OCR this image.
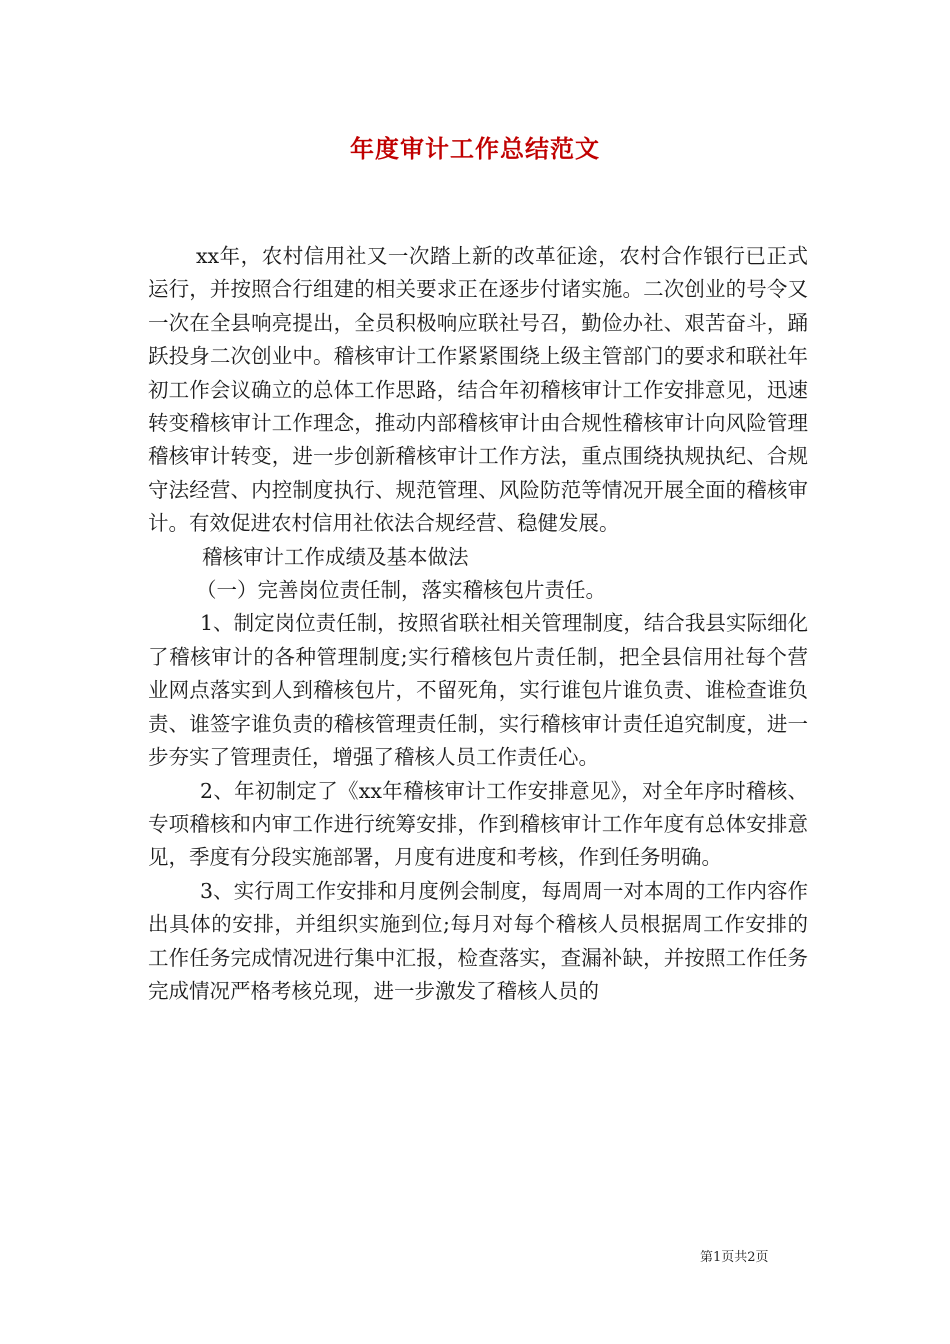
年度审计工作总结范文

xx年，农村信用社又一次踏上新的改革征途，农村合作银行已正式运行，并按照合行组建的相关要求正在逐步付诸实施。二次创业的号令又一次在全县响亮提出，全员积极响应联社号召，勤俭办社、艰苦奋斗，踊跃投身二次创业中。稽核审计工作紧紧围绕上级主管部门的要求和联社年初工作会议确立的总体工作思路，结合年初稽核审计工作安排意见，迅速转变稽核审计工作理念，推动内部稽核审计由合规性稽核审计向风险管理稽核审计转变，进一步创新稽核审计工作方法，重点围绕执规执纪、合规守法经营、内控制度执行、规范管理、风险防范等情况开展全面的稽核审计。有效促进农村信用社依法合规经营、稳健发展。

稽核审计工作成绩及基本做法

（一）完善岗位责任制，落实稽核包片责任。

1、制定岗位责任制，按照省联社相关管理制度，结合我县实际细化了稽核审计的各种管理制度;实行稽核包片责任制，把全县信用社每个营业网点落实到人到稽核包片，不留死角，实行谁包片谁负责、谁检查谁负责、谁签字谁负责的稽核管理责任制，实行稽核审计责任追究制度，进一步夯实了管理责任，增强了稽核人员工作责任心。

2、年初制定了《xx年稽核审计工作安排意见》，对全年序时稽核、专项稽核和内审工作进行统筹安排，作到稽核审计工作年度有总体安排意见，季度有分段实施部署，月度有进度和考核，作到任务明确。

3、实行周工作安排和月度例会制度，每周周一对本周的工作内容作出具体的安排，并组织实施到位;每月对每个稽核人员根据周工作安排的工作任务完成情况进行集中汇报，检查落实，查漏补缺，并按照工作任务完成情况严格考核兑现，进一步激发了稽核人员的

第1页共2页
